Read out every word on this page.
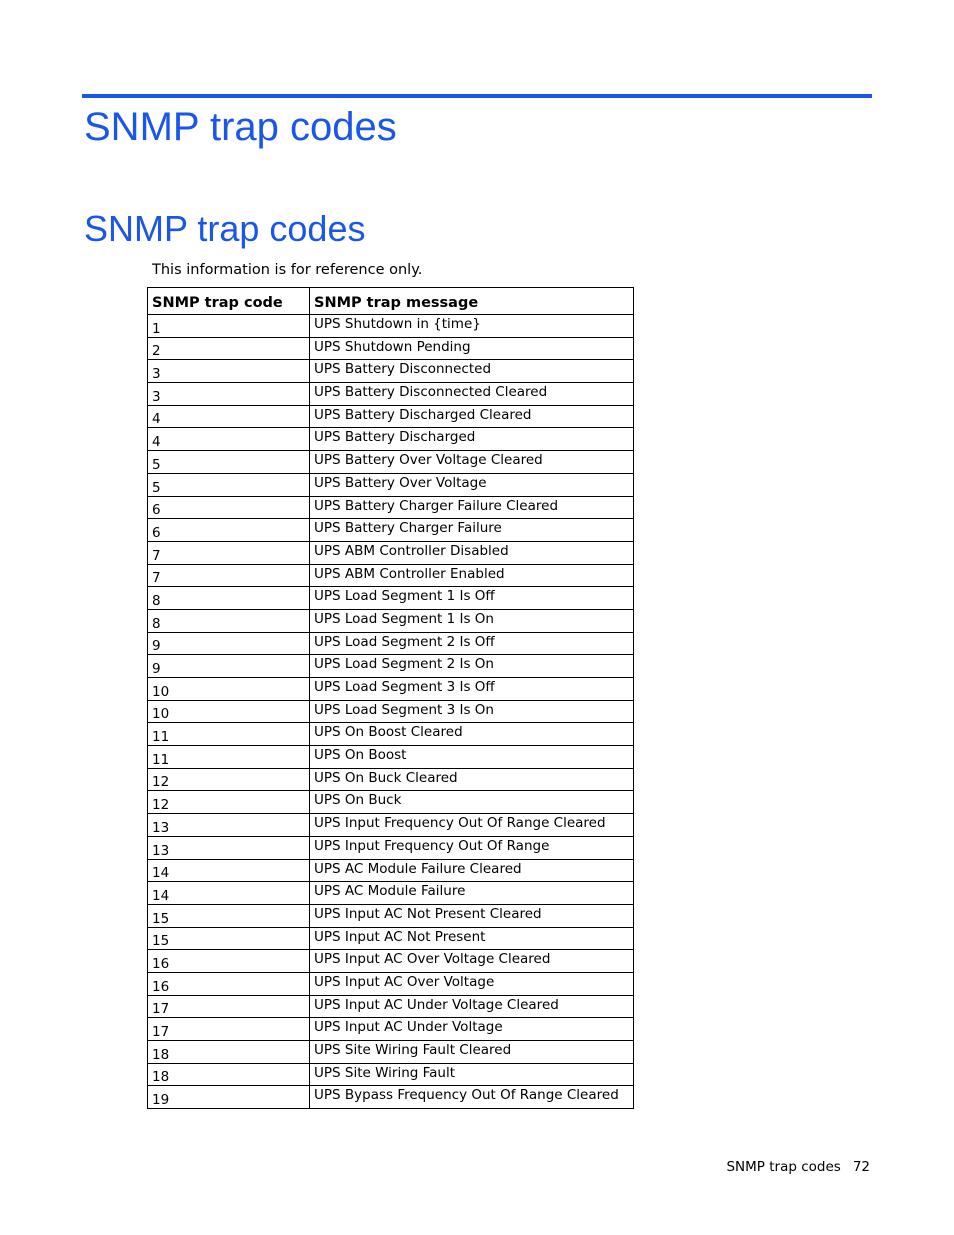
SNMP trap codes
SNMP trap codes

This information is for reference only.

SNMP trap code	SNMP trap message
1	UPS Shutdown in {time}
2	UPS Shutdown Pending
3	UPS Battery Disconnected
3	UPS Battery Disconnected Cleared
4	UPS Battery Discharged Cleared
4	UPS Battery Discharged
5	UPS Battery Over Voltage Cleared
5	UPS Battery Over Voltage
6	UPS Battery Charger Failure Cleared
6	UPS Battery Charger Failure
7	UPS ABM Controller Disabled
7	UPS ABM Controller Enabled
8	UPS Load Segment 1 Is Off
8	UPS Load Segment 1 Is On
9	UPS Load Segment 2 Is Off
9	UPS Load Segment 2 Is On
10	UPS Load Segment 3 Is Off
10	UPS Load Segment 3 Is On
11	UPS On Boost Cleared
11	UPS On Boost
12	UPS On Buck Cleared
12	UPS On Buck
13	UPS Input Frequency Out Of Range Cleared
13	UPS Input Frequency Out Of Range
14	UPS AC Module Failure Cleared
14	UPS AC Module Failure
15	UPS Input AC Not Present Cleared
15	UPS Input AC Not Present
16	UPS Input AC Over Voltage Cleared
16	UPS Input AC Over Voltage
17	UPS Input AC Under Voltage Cleared
17	UPS Input AC Under Voltage
18	UPS Site Wiring Fault Cleared
18	UPS Site Wiring Fault
19	UPS Bypass Frequency Out Of Range Cleared
SNMP trap codes 72
